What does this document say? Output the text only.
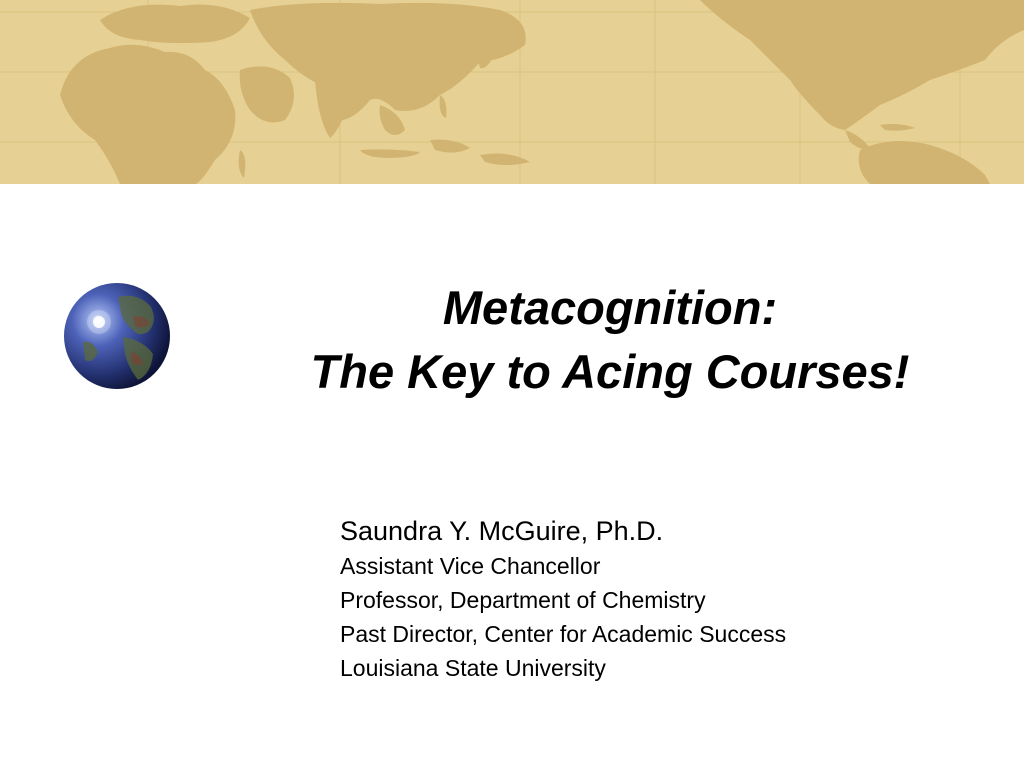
Metacognition:
The Key to Acing Courses!
Saundra Y. McGuire, Ph.D.
Assistant Vice Chancellor
Professor, Department of Chemistry
Past Director, Center for Academic Success
Louisiana State University
